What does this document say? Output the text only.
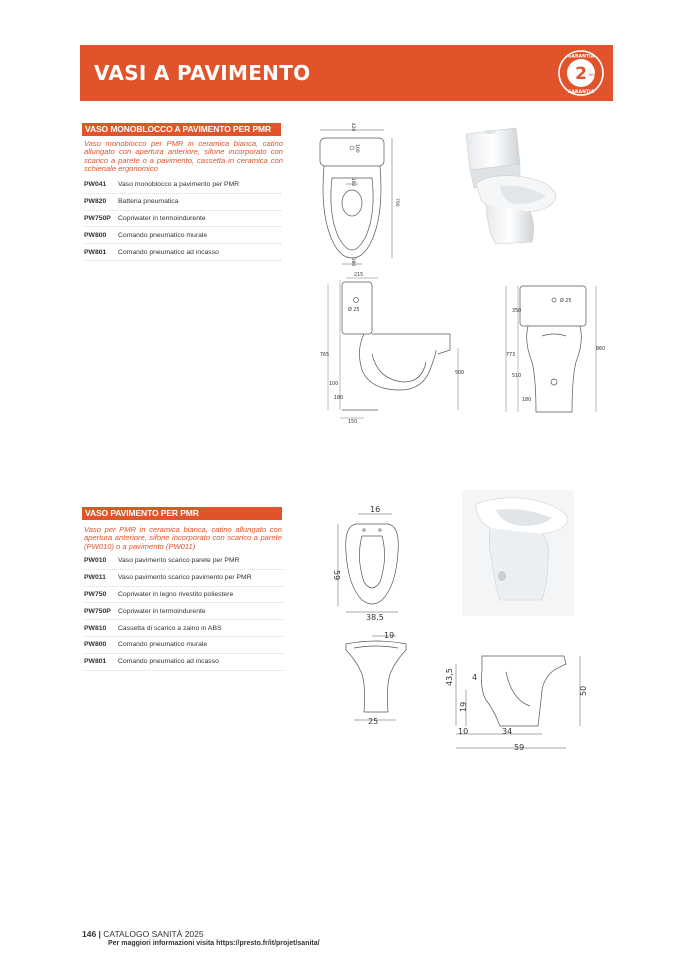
VASI A PAVIMENTO	2 ans
GARANTIA
GARANTIA
VASO MONOBLOCCO A PAVIMENTO PER PMR
Vaso monoblocco per PMR in ceramica bianca, catino allungato con apertura anteriore, sifone incorporato con scarico a parete o a pavimento, cassetta in ceramica con schienale ergonomico
PW041	Vaso monoblocco a pavimento per PMR
PW820	Batteria pneumatica
PW750P	Copriwater in termoindurente
PW800	Comando pneumatico murale
PW801	Comando pneumatico ad incasso
420
100
160
790
380
215
Ø 25
765
500
100
180
150
Ø 25
350
773
860
510
180
VASO PAVIMENTO PER PMR
Vaso per PMR in ceramica bianca, catino allungato con apertura anteriore, sifone incorporato con scarico a parete (PW010) o a pavimento (PW011)
PW010	Vaso pavimento scarico parete per PMR
PW011	Vaso pavimento scarico pavimento per PMR
PW750	Copriwater in legno rivestito poliestere
PW750P	Copriwater in termoindurente
PW810	Cassetta di scarico a zaino in ABS
PW800	Comando pneumatico murale
PW801	Comando pneumatico ad incasso
16
59
38.5
19
25
4
43,5
19
10	34
50
59
146 | CATALOGO SANITÀ 2025
Per maggiori informazioni visita https://presto.fr/it/projet/sanita/
